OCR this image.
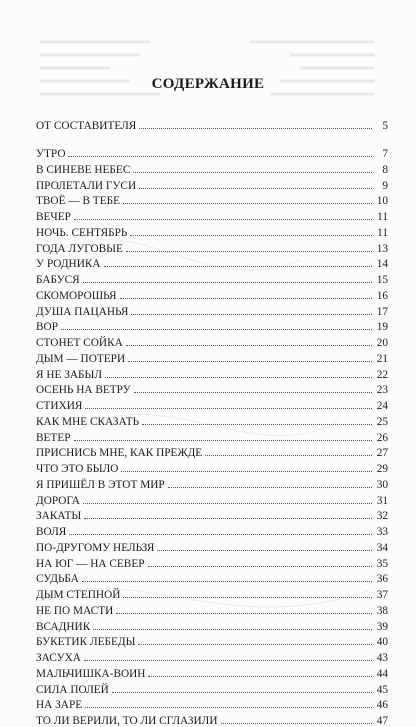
СОДЕРЖАНИЕ
ОТ СОСТАВИТЕЛЯ	5
УТРО	7
В СИНЕВЕ НЕБЕС	8
ПРОЛЕТАЛИ ГУСИ	9
ТВОЁ — В ТЕБЕ	10
ВЕЧЕР	11
НОЧЬ. СЕНТЯБРЬ	11
ГОДА ЛУГОВЫЕ	13
У РОДНИКА	14
БАБУСЯ	15
СКОМОРОШЬЯ	16
ДУША ПАЦАНЬЯ	17
ВОР	19
СТОНЕТ СОЙКА	20
ДЫМ — ПОТЕРИ	21
Я НЕ ЗАБЫЛ	22
ОСЕНЬ НА ВЕТРУ	23
СТИХИЯ	24
КАК МНЕ СКАЗАТЬ	25
ВЕТЕР	26
ПРИСНИСЬ МНЕ, КАК ПРЕЖДЕ	27
ЧТО ЭТО БЫЛО	29
Я ПРИШЁЛ В ЭТОТ МИР	30
ДОРОГА	31
ЗАКАТЫ	32
ВОЛЯ	33
ПО-ДРУГОМУ НЕЛЬЗЯ	34
НА ЮГ — НА СЕВЕР	35
СУДЬБА	36
ДЫМ СТЕПНОЙ	37
НЕ ПО МАСТИ	38
ВСАДНИК	39
БУКЕТИК ЛЕБЕДЫ	40
ЗАСУХА	43
МАЛЬЧИШКА-ВОИН	44
СИЛА ПОЛЕЙ	45
НА ЗАРЕ	46
ТО ЛИ ВЕРИЛИ, ТО ЛИ СГЛАЗИЛИ	47
